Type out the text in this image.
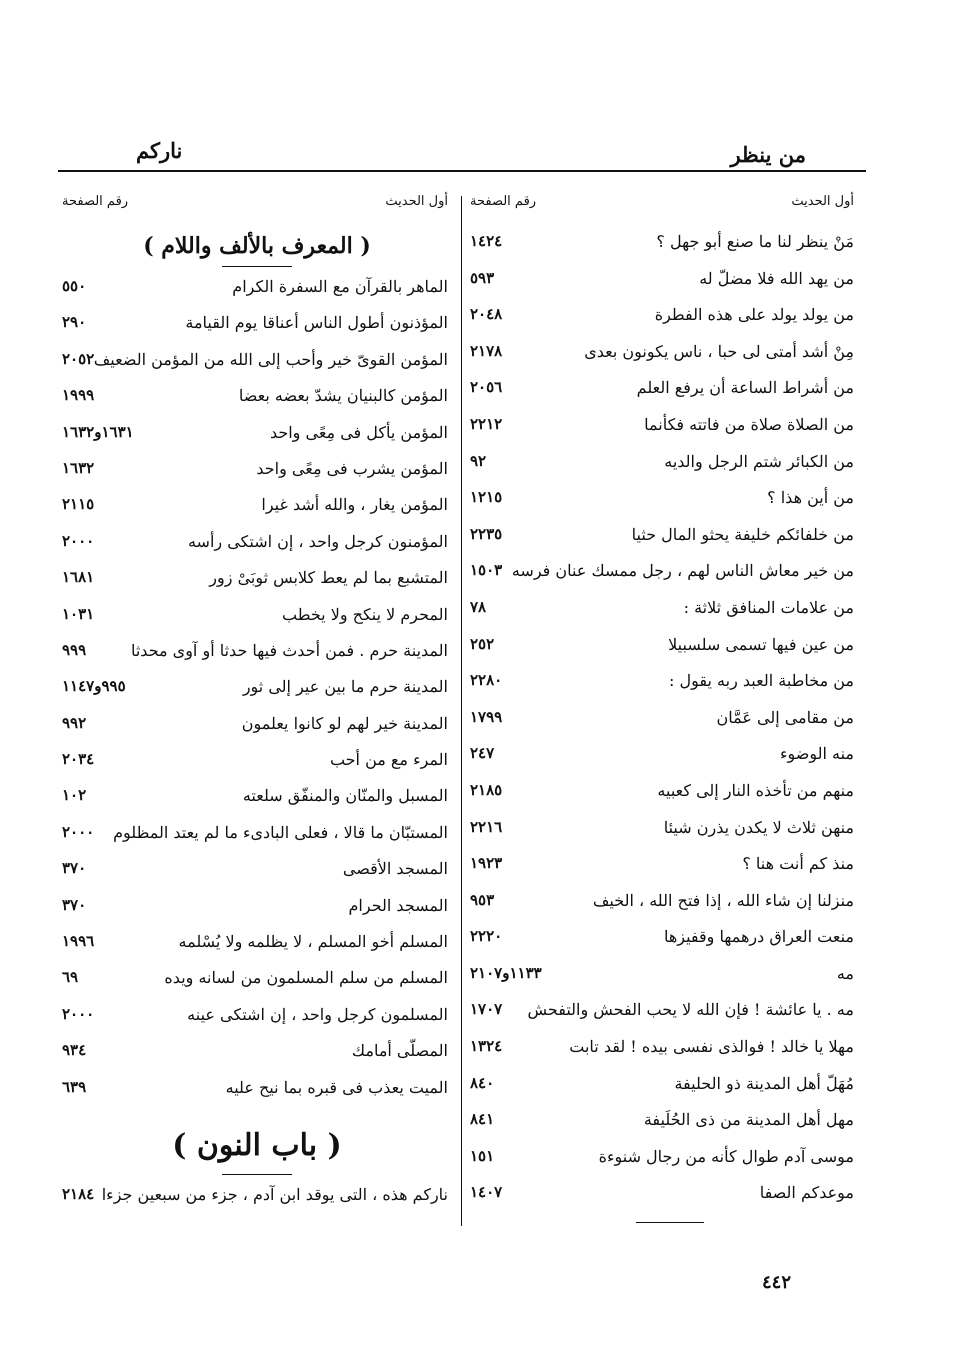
من ينظر
نارکم
أول الحديث
رقم الصفحة
مَنْ ينظر لنا ما صنع أبو جهل ؟
١٤٢٤
من يهد الله فلا مضلّ له
٥٩٣
من يولد يولد على هذه الفطرة
٢٠٤٨
مِنْ أشد أمتى لى حبا ، ناس يكونون بعدى
٢١٧٨
من أشراط الساعة أن يرفع العلم
٢٠٥٦
من الصلاة صلاة من فاتته فكأنما
٢٢١٢
من الكبائر شتم الرجل والديه
٩٢
من أين هذا ؟
١٢١٥
من خلفائكم خليفة يحثو المال حثيا
٢٢٣٥
من خير معاش الناس لهم ، رجل ممسك عنان فرسه
١٥٠٣
من علامات المنافق ثلاثة :
٧٨
من عين فيها تسمى سلسبيلا
٢٥٢
من مخاطبة العبد ربه يقول :
٢٢٨٠
من مقامى إلى عَمَّان
١٧٩٩
منه الوضوء
٢٤٧
منهم من تأخذه النار إلى كعبيه
٢١٨٥
منهن ثلاث لا يكدن يذرن شيئا
٢٢١٦
منذ كم أنت هنا ؟
١٩٢٣
منزلنا إن شاء الله ، إذا فتح الله ، الخيف
٩٥٣
منعت العراق درهمها وقفيزها
٢٢٢٠
مه
١١٣٣و٢١٠٧
مه . يا عائشة ! فإن الله لا يحب الفحش والتفحش
١٧٠٧
مهلا يا خالد ! فوالذى نفسى بيده ! لقد تابت
١٣٢٤
مُهَلّ أهل المدينة ذو الحليفة
٨٤٠
مهل أهل المدينة من ذى الحُلَيفة
٨٤١
موسى آدم طوال كأنه من رجال شنوءة
١٥١
موعدكم الصفا
١٤٠٧
أول الحديث
رقم الصفحة
( المعرف بالألف واللام )
الماهر بالقرآن مع السفرة الكرام
٥٥٠
المؤذنون أطول الناس أعناقا يوم القيامة
٢٩٠
المؤمن القوىّ خير وأحب إلى الله من المؤمن الضعيف
٢٠٥٢
المؤمن كالبنيان يشدّ بعضه بعضا
١٩٩٩
المؤمن يأكل فى مِعًى واحد
١٦٣١و١٦٣٢
المؤمن يشرب فى مِعًى واحد
١٦٣٢
المؤمن يغار ، والله أشد غيرا
٢١١٥
المؤمنون كرجل واحد ، إن اشتكى رأسه
٢٠٠٠
المتشبع بما لم يعط كلابس ثوبَىْ زور
١٦٨١
المحرم لا ينكح ولا يخطب
١٠٣١
المدينة حرم . فمن أحدث فيها حدثا أو آوى محدثا
٩٩٩
المدينة حرم ما بين عير إلى ثور
٩٩٥و١١٤٧
المدينة خير لهم لو كانوا يعلمون
٩٩٢
المرء مع من أحب
٢٠٣٤
المسبل والمنّان والمنفّق سلعته
١٠٢
المستبّان ما قالا ، فعلى البادىء ما لم يعتد المظلوم
٢٠٠٠
المسجد الأقصى
٣٧٠
المسجد الحرام
٣٧٠
المسلم أخو المسلم ، لا يظلمه ولا يُسْلمه
١٩٩٦
المسلم من سلم المسلمون من لسانه ويده
٦٩
المسلمون كرجل واحد ، إن اشتكى عينه
٢٠٠٠
المصلّى أمامك
٩٣٤
الميت يعذب فى قبره بما نيح عليه
٦٣٩
( باب النون )
ناركم هذه ، التى يوقد ابن آدم ، جزء من سبعين جزءا
٢١٨٤
٤٤٢
